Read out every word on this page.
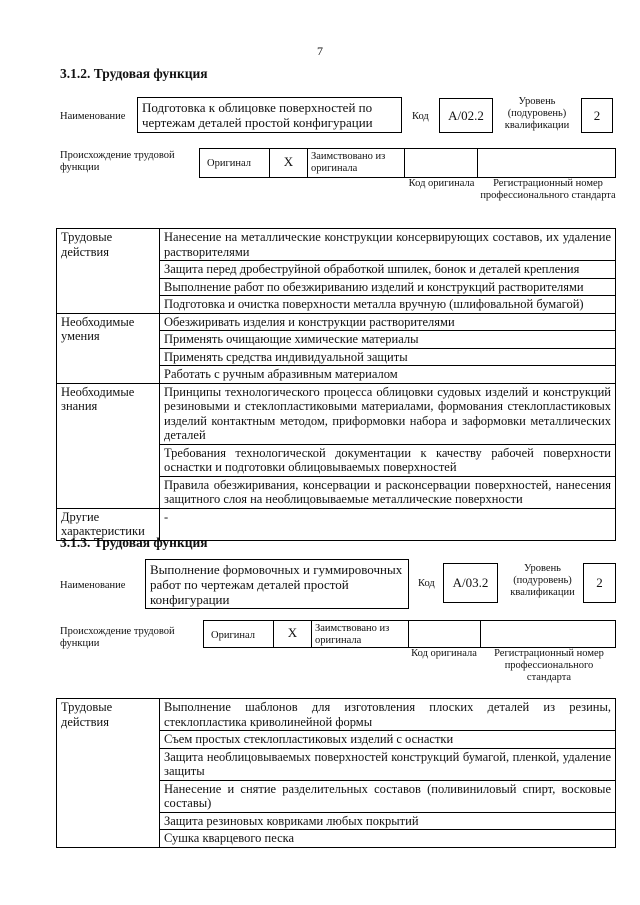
7
3.1.2. Трудовая функция
Наименование
Подготовка к облицовке поверхностей по чертежам деталей простой конфигурации	Код А/02.2
Уровень (подуровень) квалификации
2
Происхождение трудовой функции	Оригинал	Х	Заимствовано из оригинала
Код оригинала	Регистрационный номер профессионального стандарта
Трудовые действия	Нанесение на металлические конструкции консервирующих составов, их удаление растворителями
	Защита перед дробеструйной обработкой шпилек, бонок и деталей крепления
	Выполнение работ по обезжириванию изделий и конструкций растворителями
	Подготовка и очистка поверхности металла вручную (шлифовальной бумагой)
Необходимые умения	Обезжиривать изделия и конструкции растворителями
	Применять очищающие химические материалы
	Применять средства индивидуальной защиты
	Работать с ручным абразивным материалом
Необходимые знания	Принципы технологического процесса облицовки судовых изделий и конструкций резиновыми и стеклопластиковыми материалами, формования стеклопластиковых изделий контактным методом, приформовки набора и заформовки металлических деталей
	Требования технологической документации к качеству рабочей поверхности оснастки и подготовки облицовываемых поверхностей
	Правила обезжиривания, консервации и расконсервации поверхностей, нанесения защитного слоя на необлицовываемые металлические поверхности
Другие характеристики	-
3.1.3. Трудовая функция
Наименование
Выполнение формовочных и гуммировочных работ по чертежам деталей простой конфигурации
Код А/03.2
Уровень (подуровень) квалификации
2
Происхождение трудовой функции
Оригинал	Х	Заимствовано из оригинала
Код оригинала	Регистрационный номер профессионального стандарта
Трудовые действия	Выполнение шаблонов для изготовления плоских деталей из резины, стеклопластика криволинейной формы
Съем простых стеклопластиковых изделий с оснастки
Защита необлицовываемых поверхностей конструкций бумагой, пленкой, удаление защиты
Нанесение и снятие разделительных составов (поливиниловый спирт, восковые составы)
Защита резиновых ковриками любых покрытий
Сушка кварцевого песка
